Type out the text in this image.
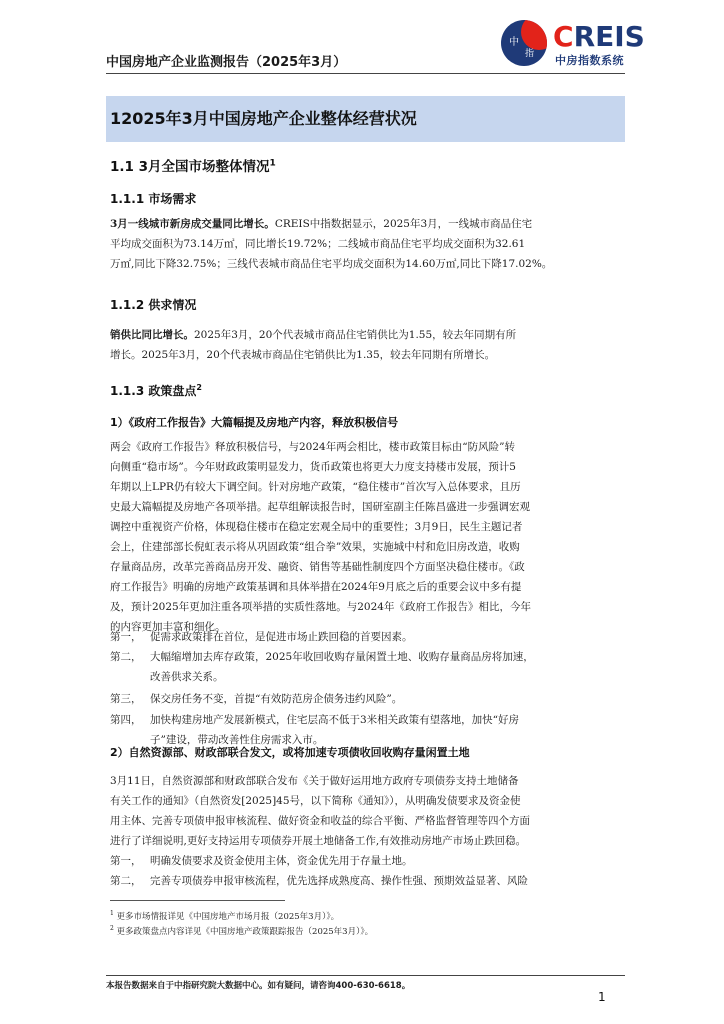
中国房地产企业监测报告（2025年3月）
中
指
CREIS
中房指数系统
12025年3月中国房地产企业整体经营状况
1.1 3月全国市场整体情况$^1$
1.1.1 市场需求
3月一线城市新房成交量同比增长。CREIS中指数据显示，2025年3月，一线城市商品住宅
平均成交面积为73.14万㎡，同比增长19.72%；二线城市商品住宅平均成交面积为32.61
万㎡,同比下降32.75%；三线代表城市商品住宅平均成交面积为14.60万㎡,同比下降17.02%。
1.1.2 供求情况
销供比同比增长。2025年3月，20个代表城市商品住宅销供比为1.55，较去年同期有所
增长。2025年3月，20个代表城市商品住宅销供比为1.35，较去年同期有所增长。
1.1.3 政策盘点$^2$
1）《政府工作报告》大篇幅提及房地产内容，释放积极信号
两会《政府工作报告》释放积极信号，与2024年两会相比，楼市政策目标由“防风险”转
向侧重“稳市场”。今年财政政策明显发力，货币政策也将更大力度支持楼市发展，预计5
年期以上LPR仍有较大下调空间。针对房地产政策，“稳住楼市”首次写入总体要求，且历
史最大篇幅提及房地产各项举措。起草组解读报告时，国研室副主任陈昌盛进一步强调宏观
调控中重视资产价格，体现稳住楼市在稳定宏观全局中的重要性；3月9日，民生主题记者
会上，住建部部长倪虹表示将从巩固政策“组合拳”效果，实施城中村和危旧房改造，收购
存量商品房，改革完善商品房开发、融资、销售等基础性制度四个方面坚决稳住楼市。《政
府工作报告》明确的房地产政策基调和具体举措在2024年9月底之后的重要会议中多有提
及，预计2025年更加注重各项举措的实质性落地。与2024年《政府工作报告》相比，今年
的内容更加丰富和细化。
第一， 促需求政策排在首位，是促进市场止跌回稳的首要因素。
第二， 大幅缩增加去库存政策，2025年收回收购存量闲置土地、收购存量商品房将加速，
改善供求关系。
第三， 保交房任务不变，首提“有效防范房企债务违约风险”。
第四， 加快构建房地产发展新模式，住宅层高不低于3米相关政策有望落地，加快“好房
子”建设，带动改善性住房需求入市。
2）自然资源部、财政部联合发文，或将加速专项债收回收购存量闲置土地
3月11日，自然资源部和财政部联合发布《关于做好运用地方政府专项债券支持土地储备
有关工作的通知》（自然资发[2025]45号，以下简称《通知》），从明确发债要求及资金使
用主体、完善专项债申报审核流程、做好资金和收益的综合平衡、严格监督管理等四个方面
进行了详细说明,更好支持运用专项债券开展土地储备工作,有效推动房地产市场止跌回稳。
第一， 明确发债要求及资金使用主体，资金优先用于存量土地。
第二， 完善专项债券申报审核流程，优先选择成熟度高、操作性强、预期效益显著、风险
$^1$ 更多市场情报详见《中国房地产市场月报（2025年3月）》。
$^2$ 更多政策盘点内容详见《中国房地产政策跟踪报告（2025年3月）》。
本报告数据来自于中指研究院大数据中心。如有疑问，请咨询400-630-6618。
1
